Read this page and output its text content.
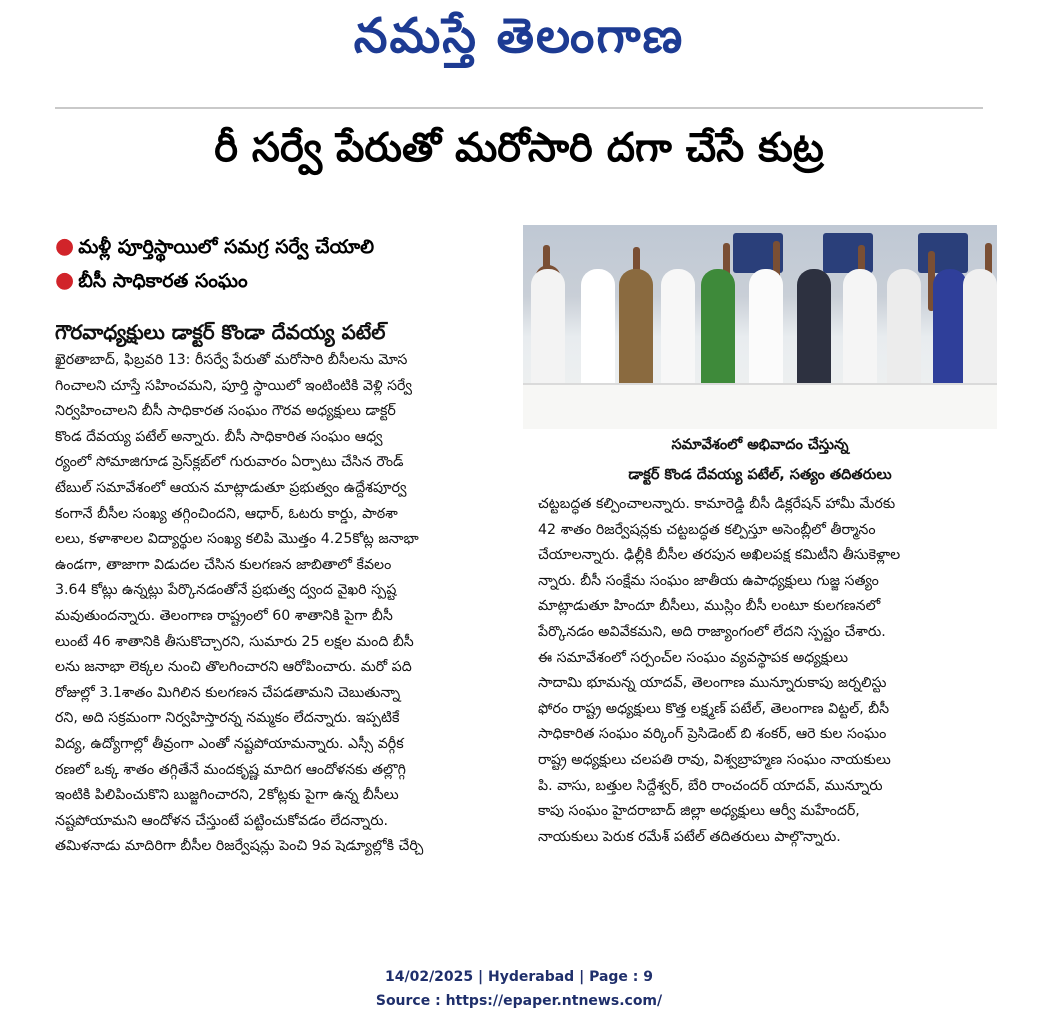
నమస్తే తెలంగాణ
రీ సర్వే పేరుతో మరోసారి దగా చేసే కుట్ర
● మళ్లీ పూర్తిస్థాయిలో సమగ్ర సర్వే చేయాలి
● బీసీ సాధికారత సంఘం
గౌరవాధ్యక్షులు డాక్టర్ కొండా దేవయ్య పటేల్
ఖైరతాబాద్, ఫిబ్రవరి 13: రీసర్వే పేరుతో మరోసారి బీసీలను మోస
గించాలని చూస్తే సహించమని, పూర్తి స్థాయిలో ఇంటింటికి వెళ్లి సర్వే
నిర్వహించాలని బీసీ సాధికారత సంఘం గౌరవ అధ్యక్షులు డాక్టర్
కొండ దేవయ్య పటేల్ అన్నారు. బీసీ సాధికారిత సంఘం ఆధ్వ
ర్యంలో సోమాజిగూడ ప్రెస్‌క్లబ్‌లో గురువారం ఏర్పాటు చేసిన రౌండ్
టేబుల్ సమావేశంలో ఆయన మాట్లాడుతూ ప్రభుత్వం ఉద్దేశపూర్వ
కంగానే బీసీల సంఖ్య తగ్గించిందని, ఆధార్, ఓటరు కార్డు, పాఠశా
లలు, కళాశాలల విద్యార్థుల సంఖ్య కలిపి మొత్తం 4.25కోట్ల జనాభా
ఉండగా, తాజాగా విడుదల చేసిన కులగణన జాబితాలో కేవలం
3.64 కోట్లు ఉన్నట్లు పేర్కొనడంతోనే ప్రభుత్వ ద్వంద వైఖరి స్పష్ట
మవుతుందన్నారు. తెలంగాణ రాష్ట్రంలో 60 శాతానికి పైగా బీసీ
లుంటే 46 శాతానికి తీసుకొచ్చారని, సుమారు 25 లక్షల మంది బీసీ
లను జనాభా లెక్కల నుంచి తొలగించారని ఆరోపించారు. మరో పది
రోజుల్లో 3.1శాతం మిగిలిన కులగణన చేపడతామని చెబుతున్నా
రని, అది సక్రమంగా నిర్వహిస్తారన్న నమ్మకం లేదన్నారు. ఇప్పటికే
విద్య, ఉద్యోగాల్లో తీవ్రంగా ఎంతో నష్టపోయామన్నారు. ఎస్సీ వర్గీక
రణలో ఒక్క శాతం తగ్గితేనే మందకృష్ణ మాదిగ ఆందోళనకు తల్లొగ్గి
ఇంటికి పిలిపించుకొని బుజ్జగించారని, 2కోట్లకు పైగా ఉన్న బీసీలు
నష్టపోయామని ఆందోళన చేస్తుంటే పట్టించుకోవడం లేదన్నారు.
తమిళనాడు మాదిరిగా బీసీల రిజర్వేషన్లు పెంచి 9వ షెడ్యూల్లోకి చేర్చి
సమావేశంలో అభివాదం చేస్తున్న
డాక్టర్ కొండ దేవయ్య పటేల్, సత్యం తదితరులు
చట్టబద్ధత కల్పించాలన్నారు. కామారెడ్డి బీసీ డిక్లరేషన్ హామీ మేరకు
42 శాతం రిజర్వేషన్లకు చట్టబద్ధత కల్పిస్తూ అసెంబ్లీలో తీర్మానం
చేయాలన్నారు. ఢిల్లీకి బీసీల తరపున అఖిలపక్ష కమిటీని తీసుకెళ్లాల
న్నారు. బీసీ సంక్షేమ సంఘం జాతీయ ఉపాధ్యక్షులు గుజ్జ సత్యం
మాట్లాడుతూ హిందూ బీసీలు, ముస్లిం బీసీ లంటూ కులగణనలో
పేర్కొనడం అవివేకమని, అది రాజ్యాంగంలో లేదని స్పష్టం చేశారు.
ఈ సమావేశంలో సర్పంచ్‌ల సంఘం వ్యవస్థాపక అధ్యక్షులు
సాదామి భూమన్న యాదవ్, తెలంగాణ మున్నూరుకాపు జర్నలిస్టు
ఫోరం రాష్ట్ర అధ్యక్షులు కొత్త లక్ష్మణ్ పటేల్, తెలంగాణ విట్టల్, బీసీ
సాధికారిత సంఘం వర్కింగ్ ప్రెసిడెంట్ బి శంకర్, ఆరె కుల సంఘం
రాష్ట్ర అధ్యక్షులు చలపతి రావు, విశ్వబ్రాహ్మణ సంఘం నాయకులు
పి. వాసు, బత్తుల సిద్దేశ్వర్, బేరి రాంచందర్ యాదవ్, మున్నూరు
కాపు సంఘం హైదరాబాద్ జిల్లా అధ్యక్షులు ఆర్వీ మహేందర్,
నాయకులు పెరుక రమేశ్ పటేల్ తదితరులు పాల్గొన్నారు.
14/02/2025 | Hyderabad | Page : 9
Source : https://epaper.ntnews.com/
